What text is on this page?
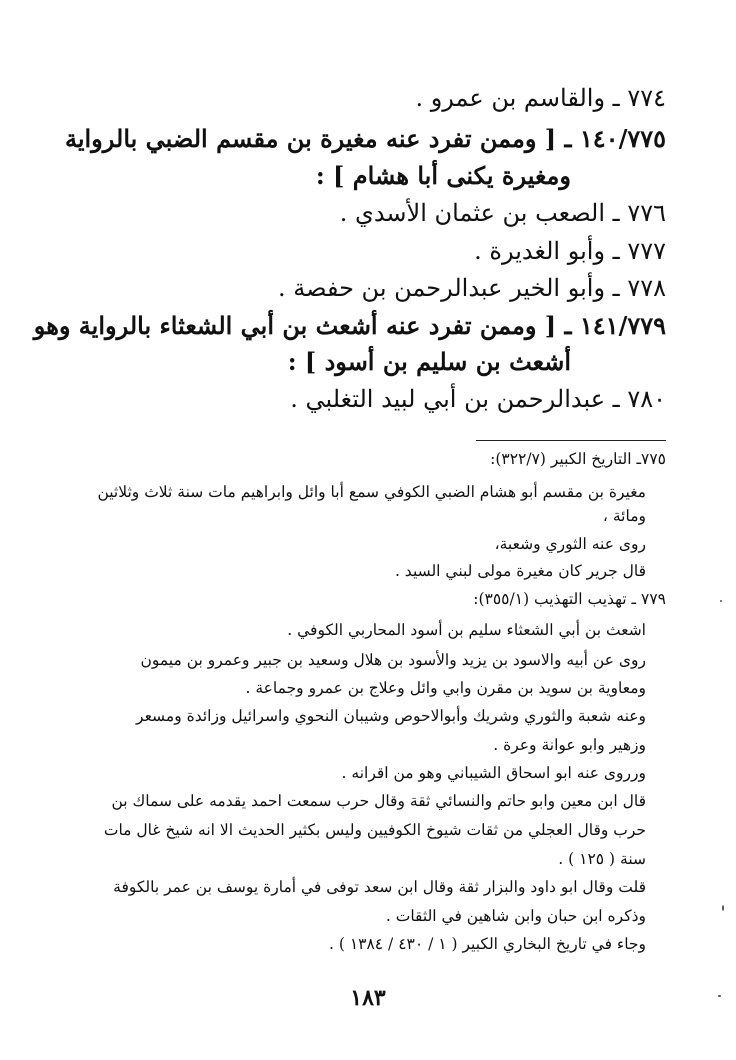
٧٧٤ ـ والقاسم بن عمرو .
١٤٠/٧٧٥ ـ [ وممن تفرد عنه مغيرة بن مقسم الضبي بالرواية
ومغيرة يكنى أبا هشام ] :
٧٧٦ ـ الصعب بن عثمان الأسدي .
٧٧٧ ـ وأبو الغديرة .
٧٧٨ ـ وأبو الخير عبدالرحمن بن حفصة .
١٤١/٧٧٩ ـ [ وممن تفرد عنه أشعث بن أبي الشعثاء بالرواية وهو
أشعث بن سليم بن أسود ] :
٧٨٠ ـ عبدالرحمن بن أبي لبيد التغلبي .
٧٧٥ـ التاريخ الكبير (٣٢٢/٧):
مغيرة بن مقسم أبو هشام الضبي الكوفي سمع أبا وائل وابراهيم مات سنة ثلاث وثلاثين
ومائة ،
روى عنه الثوري وشعبة،
قال جرير كان مغيرة مولى لبني السيد .
٧٧٩ ـ تهذيب التهذيب (٣٥٥/١):
اشعث بن أبي الشعثاء سليم بن أسود المحاربي الكوفي .
روى عن أبيه والاسود بن يزيد والأسود بن هلال وسعيد بن جبير وعمرو بن ميمون
ومعاوية بن سويد بن مقرن وابي وائل وعلاج بن عمرو وجماعة .
وعنه شعبة والثوري وشريك وأبوالاحوص وشيبان النحوي واسرائيل وزائدة ومسعر
وزهير وابو عوانة وعرة .
ورروى عنه ابو اسحاق الشيباني وهو من اقرانه .
قال ابن معين وابو حاتم والنسائي ثقة وقال حرب سمعت احمد يقدمه على سماك بن
حرب وقال العجلي من ثقات شيوخ الكوفيين وليس بكثير الحديث الا انه شيخ غال مات
سنة ( ١٢٥ ) .
قلت وقال ابو داود والبزار ثقة وقال ابن سعد توفى في أمارة يوسف بن عمر بالكوفة
وذكره ابن حبان وابن شاهين في الثقات .
وجاء في تاريخ البخاري الكبير ( ١ / ٤٣٠ / ١٣٨٤ ) .
١٨٣
